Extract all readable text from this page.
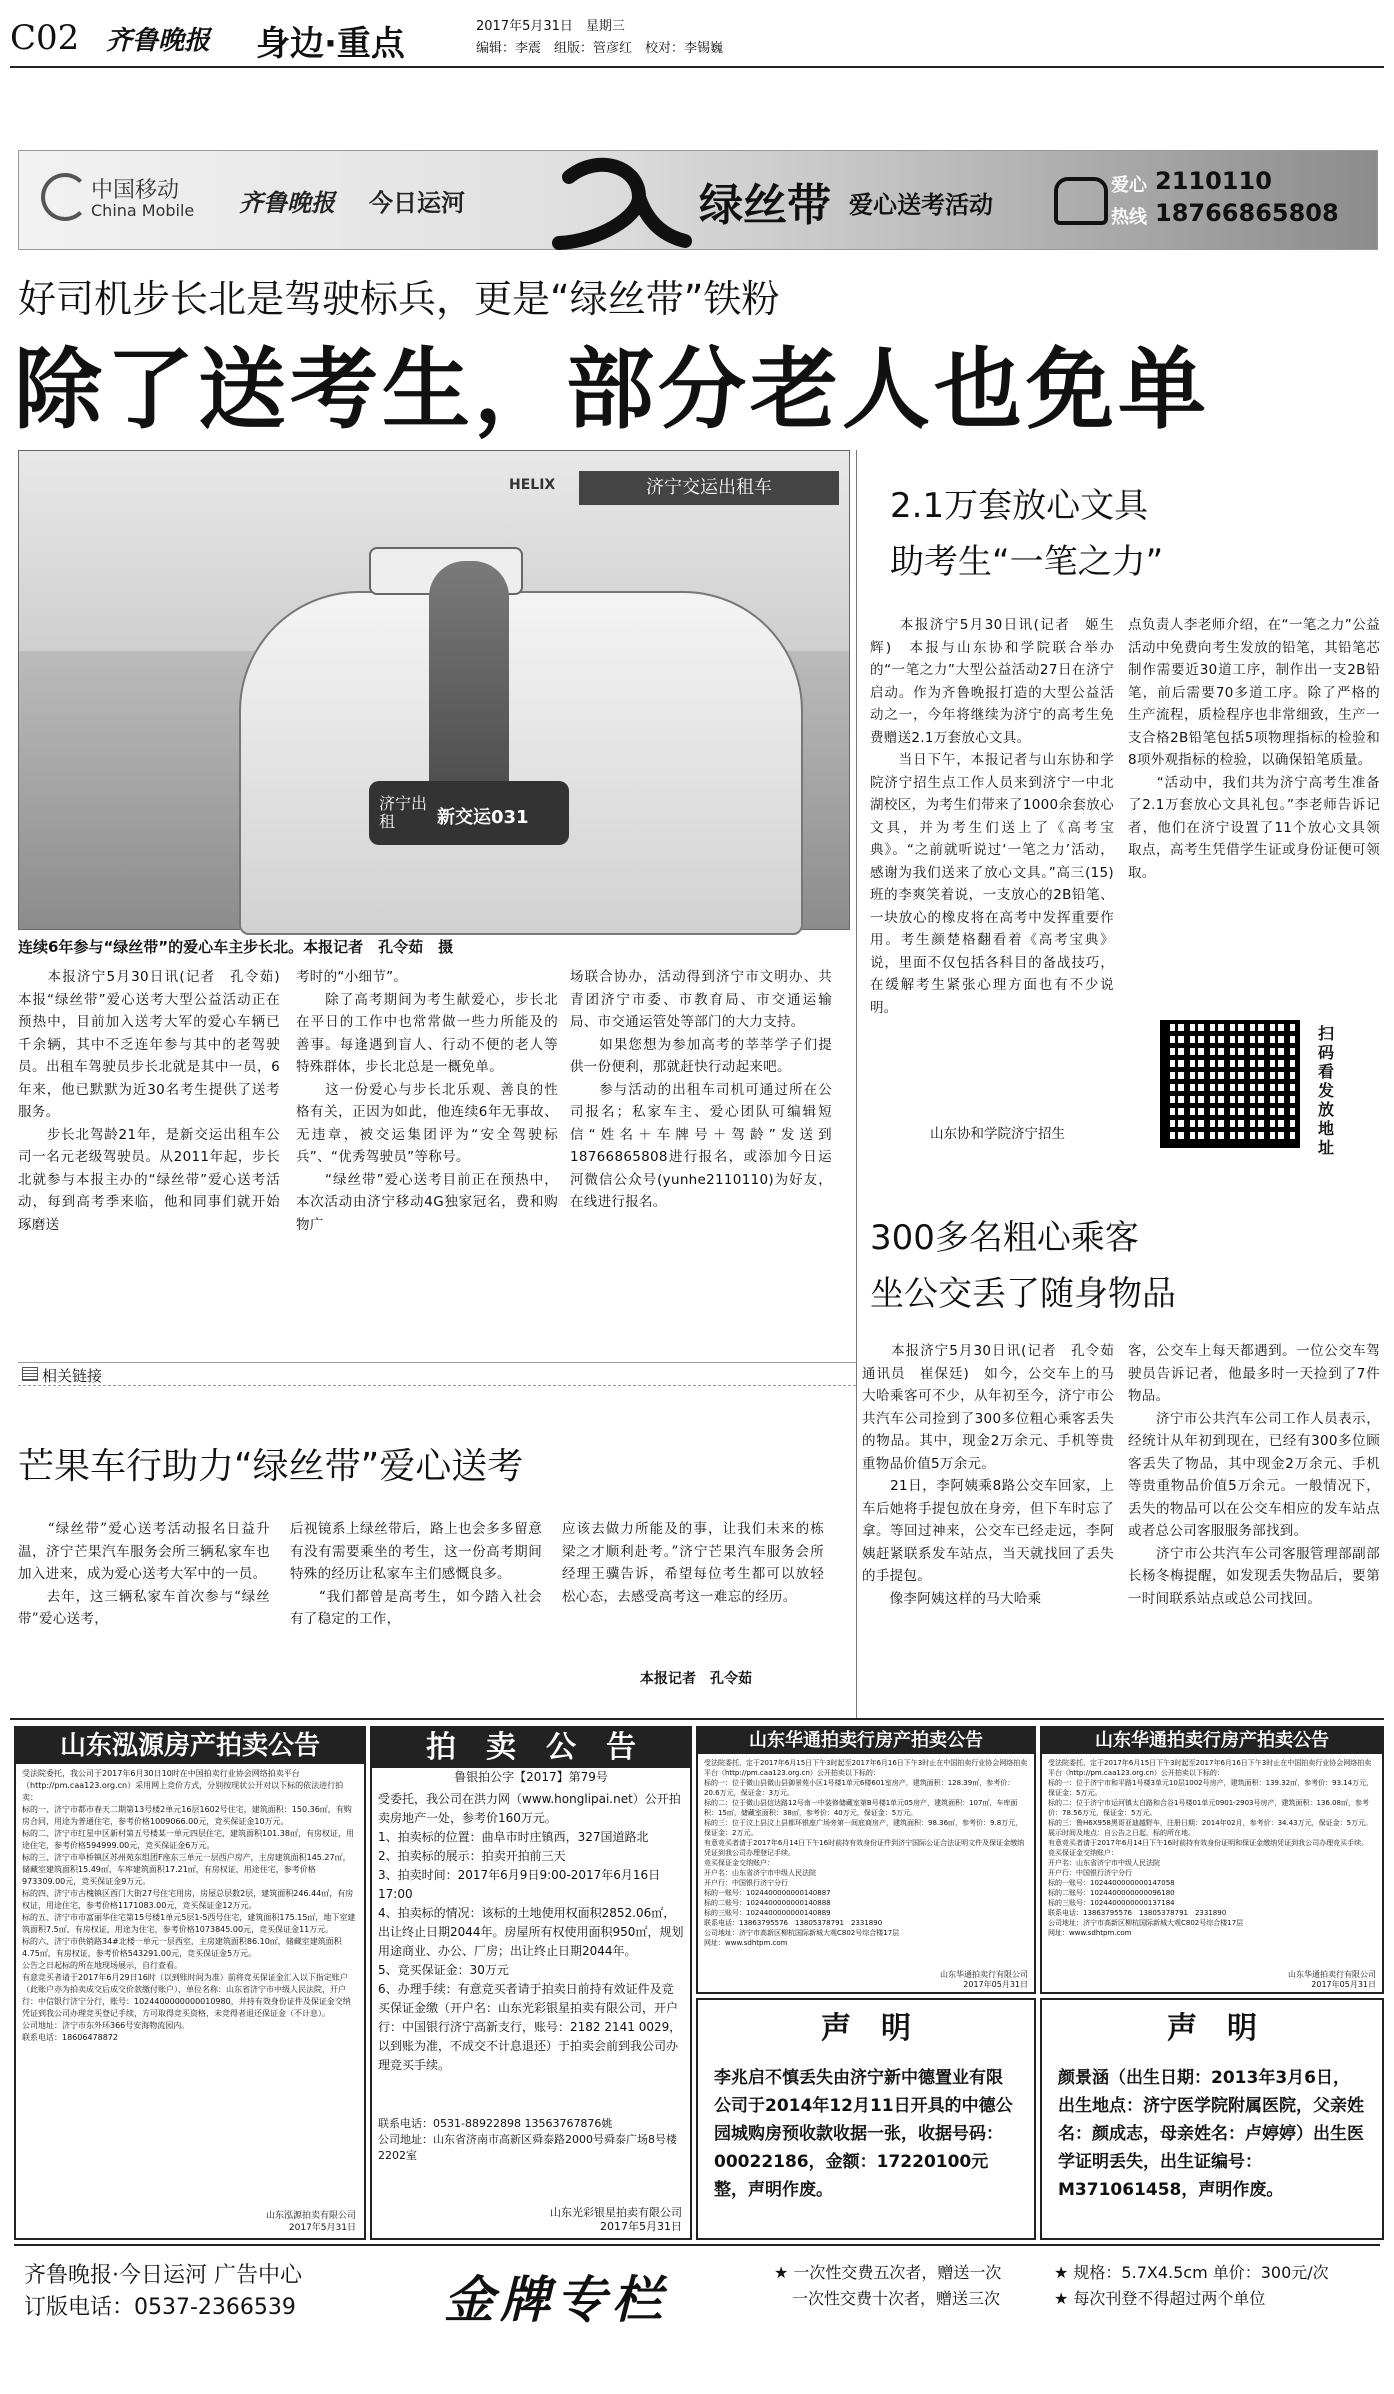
C02 齐鲁晚报 身边·重点	2017年5月31日　星期三
编辑：李震　组版：管彦红　校对：李锡巍
中国移动
China Mobile 齐鲁晚报 今日运河	绿丝带 爱心送考活动
爱心
热线
2110110
18766865808
好司机步长北是驾驶标兵，更是“绿丝带”铁粉
除了送考生，部分老人也免单
济宁交运出租车
HELIX
济宁出租	新交运031
连续6年参与“绿丝带”的爱心车主步长北。本报记者　孔令茹　摄
　　本报济宁5月30日讯(记者　孔令茹)　本报“绿丝带”爱心送考大型公益活动正在预热中，目前加入送考大军的爱心车辆已千余辆，其中不乏连年参与其中的老驾驶员。出租车驾驶员步长北就是其中一员，6年来，他已默默为近30名考生提供了送考服务。
　　步长北驾龄21年，是新交运出租车公司一名元老级驾驶员。从2011年起，步长北就参与本报主办的“绿丝带”爱心送考活动，每到高考季来临，他和同事们就开始琢磨送
考时的“小细节”。
　　除了高考期间为考生献爱心，步长北在平日的工作中也常常做一些力所能及的善事。每逢遇到盲人、行动不便的老人等特殊群体，步长北总是一概免单。
　　这一份爱心与步长北乐观、善良的性格有关，正因为如此，他连续6年无事故、无违章，被交运集团评为“安全驾驶标兵”、“优秀驾驶员”等称号。
　　“绿丝带”爱心送考目前正在预热中，本次活动由济宁移动4G独家冠名，费和购物广
场联合协办，活动得到济宁市文明办、共青团济宁市委、市教育局、市交通运输局、市交通运管处等部门的大力支持。
　　如果您想为参加高考的莘莘学子们提供一份便利，那就赶快行动起来吧。
　　参与活动的出租车司机可通过所在公司报名；私家车主、爱心团队可编辑短信“姓名＋车牌号＋驾龄”发送到18766865808进行报名，或添加今日运河微信公众号(yunhe2110110)为好友，在线进行报名。
相关链接
芒果车行助力“绿丝带”爱心送考
　　“绿丝带”爱心送考活动报名日益升温，济宁芒果汽车服务会所三辆私家车也加入进来，成为爱心送考大军中的一员。
　　去年，这三辆私家车首次参与“绿丝带”爱心送考，
后视镜系上绿丝带后，路上也会多多留意有没有需要乘坐的考生，这一份高考期间特殊的经历让私家车主们感慨良多。
　　“我们都曾是高考生，如今踏入社会有了稳定的工作，
应该去做力所能及的事，让我们未来的栋梁之才顺利赴考。”济宁芒果汽车服务会所经理王骥告诉，希望每位考生都可以放轻松心态，去感受高考这一难忘的经历。
本报记者　孔令茹
2.1万套放心文具
助考生“一笔之力”
　　本报济宁5月30日讯(记者　姬生辉)　本报与山东协和学院联合举办的“一笔之力”大型公益活动27日在济宁启动。作为齐鲁晚报打造的大型公益活动之一，今年将继续为济宁的高考生免费赠送2.1万套放心文具。
　　当日下午，本报记者与山东协和学院济宁招生点工作人员来到济宁一中北湖校区，为考生们带来了1000余套放心文具，并为考生们送上了《高考宝典》。“之前就听说过‘一笔之力’活动，感谢为我们送来了放心文具。”高三(15)班的李爽笑着说，一支放心的2B铅笔、一块放心的橡皮将在高考中发挥重要作用。考生颜楚格翻看着《高考宝典》说，里面不仅包括各科目的备战技巧，在缓解考生紧张心理方面也有不少说明。
山东协和学院济宁招生
点负责人李老师介绍，在“一笔之力”公益活动中免费向考生发放的铅笔，其铅笔芯制作需要近30道工序，制作出一支2B铅笔，前后需要70多道工序。除了严格的生产流程，质检程序也非常细致，生产一支合格2B铅笔包括5项物理指标的检验和8项外观指标的检验，以确保铅笔质量。
　　“活动中，我们共为济宁高考生准备了2.1万套放心文具礼包。”李老师告诉记者，他们在济宁设置了11个放心文具领取点，高考生凭借学生证或身份证便可领取。
扫码看发放地址
300多名粗心乘客
坐公交丢了随身物品
　　本报济宁5月30日讯(记者　孔令茹　通讯员　崔保廷)　如今，公交车上的马大哈乘客可不少，从年初至今，济宁市公共汽车公司捡到了300多位粗心乘客丢失的物品。其中，现金2万余元、手机等贵重物品价值5万余元。
　　21日，李阿姨乘8路公交车回家，上车后她将手提包放在身旁，但下车时忘了拿。等回过神来，公交车已经走远，李阿姨赶紧联系发车站点，当天就找回了丢失的手提包。
　　像李阿姨这样的马大哈乘
客，公交车上每天都遇到。一位公交车驾驶员告诉记者，他最多时一天捡到了7件物品。
　　济宁市公共汽车公司工作人员表示，经统计从年初到现在，已经有300多位顾客丢失了物品，其中现金2万余元、手机等贵重物品价值5万余元。一般情况下，丢失的物品可以在公交车相应的发车站点或者总公司客服服务部找到。
　　济宁市公共汽车公司客服管理部副部长杨冬梅提醒，如发现丢失物品后，要第一时间联系站点或总公司找回。
山东泓源房产拍卖公告
受法院委托，我公司于2017年6月30日10时在中国拍卖行业协会网络拍卖平台（http://pm.caa123.org.cn）采用网上竞价方式，分别按现状公开对以下标的依法进行拍卖：
标的一、济宁市都市春天二期第13号楼2单元16层1602号住宅，建筑面积：150.36㎡，有购房合同，用途为普通住宅，参考价格1009066.00元，竞买保证金10万元。
标的二、济宁市红星中区新村第五号楼某一单元四层住宅，建筑面积101.38㎡，有房权证，用途住宅，参考价格594999.00元，竞买保证金6万元。
标的三、济宁市阜桥镇区苏州苑东组团F座东三单元一层西户房产，主房建筑面积145.27㎡，储藏室建筑面积15.49㎡，车库建筑面积17.21㎡，有房权证，用途住宅，参考价格973309.00元，竞买保证金9万元。
标的四、济宁市古槐镇区西门大街27号住宅用房，房屋总层数2层，建筑面积246.44㎡，有房权证，用途住宅，参考价格1171083.00元，竞买保证金12万元。
标的五、济宁市市富丽华住宅第15号楼1单元5层1-5西号住宅，建筑面积175.15㎡，地下室建筑面积7.5㎡，有房权证，用途为住宅，参考价格1073845.00元，竞买保证金11万元。
标的六、济宁市供销路34#北楼一单元一层西室，主房建筑面积86.10㎡，储藏室建筑面积4.75㎡，有房权证，参考价格543291.00元，竞买保证金5万元。
公告之日起标的所在地现场展示，自行查看。
有意竞买者请于2017年6月29日16时（以到账时间为准）前将竞买保证金汇入以下指定账户（此账户亦为拍卖成交后成交价款缴付账户），单位名称：山东省济宁市中级人民法院，开户行：中信银行济宁分行，账号：1024400000000010980，并持有效身份证件及保证金交纳凭证到我公司办理竞买登记手续，方可取得竞买资格，未竞得者退还保证金（不计息）。
公司地址：济宁市东外环366号安海物流园内。
联系电话：18606478872
山东泓源拍卖有限公司
2017年5月31日
拍　卖　公　告
鲁银拍公字【2017】第79号
受委托，我公司在洪力网（www.honglipai.net）公开拍卖房地产一处，参考价160万元。
1、拍卖标的位置：曲阜市时庄镇西，327国道路北
2、拍卖标的展示：拍卖开拍前三天
3、拍卖时间：2017年6月9日9:00-2017年6月16日17:00
4、拍卖标的情况：该标的土地使用权面积2852.06㎡，出让终止日期2044年。房屋所有权使用面积950㎡，规划用途商业、办公、厂房；出让终止日期2044年。
5、竞买保证金：30万元
6、办理手续：有意竞买者请于拍卖日前持有效证件及竞买保证金缴（开户名：山东光彩银星拍卖有限公司，开户行：中国银行济宁高新支行，账号：2182 2141 0029，以到账为准，不成交不计息退还）于拍卖会前到我公司办理竞买手续。
联系电话：0531-88922898 13563767876姚
公司地址：山东省济南市高新区舜泰路2000号舜泰广场8号楼2202室
山东光彩银星拍卖有限公司
2017年5月31日
山东华通拍卖行房产拍卖公告
受法院委托，定于2017年6月15日下午3时起至2017年6月16日下午3时止在中国拍卖行业协会网络拍卖平台（http://pm.caa123.org.cn）公开拍卖以下标的：
标的一：位于微山县微山县御景苑小区1号楼1单元6楼601室房产，建筑面积：128.39㎡，参考价：20.6万元，保证金：3万元。
标的二：位于微山县信达路12号南一中装修储藏室第B号楼1单元05房产，建筑面积：107㎡，车库面积：15㎡，储藏室面积：38㎡，参考价：40万元，保证金：5万元。
标的三：位于汶上县汶上县都环银座广场旁第一间底商房产，建筑面积：98.36㎡，参考价：9.8万元，保证金：2万元。
有意竞买者请于2017年6月14日下午16时前持有效身份证件到济宁国际公证合法证明文件及保证金缴纳凭证到我公司办理登记手续。
竞买保证金交纳账户：
开户名：山东省济宁市中级人民法院
开户行：中国银行济宁分行
标的一账号：1024400000000140887
标的二账号：1024400000000140888
标的三账号：1024400000000140889
联系电话：13863795576　13805378791　2331890
公司地址：济宁市高新区柳杭国际新城大观C802号综合楼17层
网址：www.sdhtpm.com
山东华通拍卖行有限公司
2017年05月31日
山东华通拍卖行房产拍卖公告
受法院委托，定于2017年6月15日下午3时起至2017年6月16日下午3时止在中国拍卖行业协会网络拍卖平台（http://pm.caa123.org.cn）公开拍卖以下标的：
标的一：位于济宁市和平路1号楼3单元10层1002号房产，建筑面积：139.32㎡，参考价：93.14万元，保证金：5万元。
标的二：位于济宁市运河镇太白路和合谷1号楼01单元0901-2903号房产，建筑面积：136.08㎡，参考价：78.56万元，保证金：5万元。
标的三：鲁H6X958黑哥亚迪越野车，注册日期：2014年02月，参考价：34.43万元，保证金：5万元。
展示时间及地点：自公告之日起，标的所在地。
有意竞买者请于2017年6月14日下午16时前持有效身份证明和保证金缴纳凭证到我公司办理竞买手续。
竞买保证金交纳账户：
开户名：山东省济宁市中级人民法院
开户行：中国银行济宁分行
标的一账号：1024400000000147058
标的二账号：1024400000000096180
标的三账号：1024400000000137184
联系电话：13863795576　13805378791　2331890
公司地址：济宁市高新区柳杭国际新城大观C802号综合楼17层
网址：www.sdhtpm.com
山东华通拍卖行有限公司
2017年05月31日
声　明
李兆启不慎丢失由济宁新中德置业有限公司于2014年12月11日开具的中德公园城购房预收款收据一张，收据号码：00022186，金额：17220100元整，声明作废。
声　明
颜景涵（出生日期：2013年3月6日，出生地点：济宁医学院附属医院，父亲姓名：颜成志，母亲姓名：卢婷婷）出生医学证明丢失，出生证编号：M371061458，声明作废。
齐鲁晚报·今日运河 广告中心
订版电话：0537-2366539	金牌专栏	★ 一次性交费五次者，赠送一次
一次性交费十次者，赠送三次
★ 规格：5.7X4.5cm 单价：300元/次
★ 每次刊登不得超过两个单位
